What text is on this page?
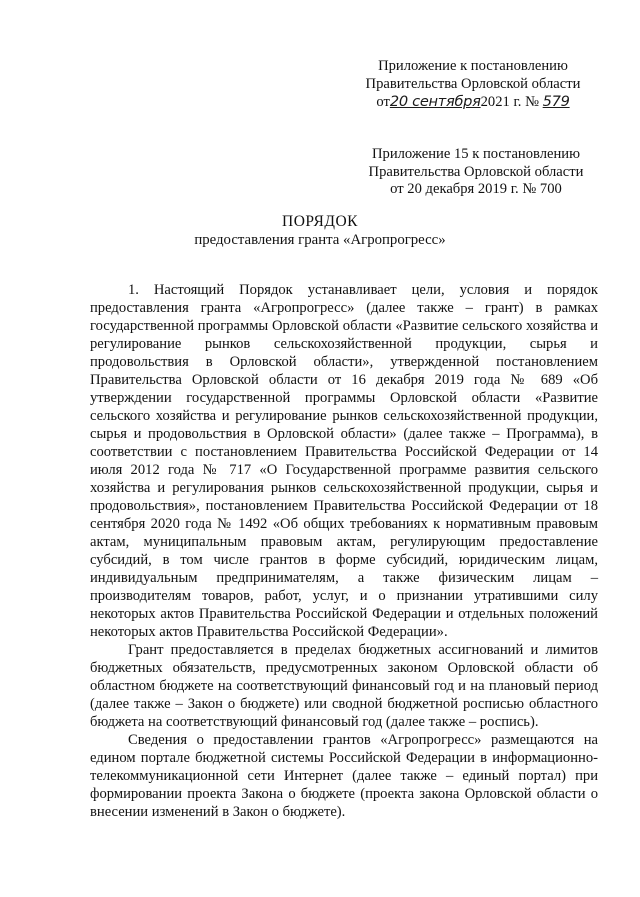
Приложение к постановлению
Правительства Орловской области
от20 сентября2021 г. № 579
Приложение 15 к постановлению
Правительства Орловской области
от 20 декабря 2019 г. № 700
ПОРЯДОК
предоставления гранта «Агропрогресс»

1. Настоящий Порядок устанавливает цели, условия и порядок предоставления гранта «Агропрогресс» (далее также – грант) в рамках государственной программы Орловской области «Развитие сельского хозяйства и регулирование рынков сельскохозяйственной продукции, сырья и продовольствия в Орловской области», утвержденной постановлением Правительства Орловской области от 16 декабря 2019 года № 689 «Об утверждении государственной программы Орловской области «Развитие сельского хозяйства и регулирование рынков сельскохозяйственной продукции, сырья и продовольствия в Орловской области» (далее также – Программа), в соответствии с постановлением Правительства Российской Федерации от 14 июля 2012 года № 717 «О Государственной программе развития сельского хозяйства и регулирования рынков сельскохозяйственной продукции, сырья и продовольствия», постановлением Правительства Российской Федерации от 18 сентября 2020 года № 1492 «Об общих требованиях к нормативным правовым актам, муниципальным правовым актам, регулирующим предоставление субсидий, в том числе грантов в форме субсидий, юридическим лицам, индивидуальным предпринимателям, а также физическим лицам – производителям товаров, работ, услуг, и о признании утратившими силу некоторых актов Правительства Российской Федерации и отдельных положений некоторых актов Правительства Российской Федерации».

Грант предоставляется в пределах бюджетных ассигнований и лимитов бюджетных обязательств, предусмотренных законом Орловской области об областном бюджете на соответствующий финансовый год и на плановый период (далее также – Закон о бюджете) или сводной бюджетной росписью областного бюджета на соответствующий финансовый год (далее также – роспись).

Сведения о предоставлении грантов «Агропрогресс» размещаются на едином портале бюджетной системы Российской Федерации в информационно-телекоммуникационной сети Интернет (далее также – единый портал) при формировании проекта Закона о бюджете (проекта закона Орловской области о внесении изменений в Закон о бюджете).
